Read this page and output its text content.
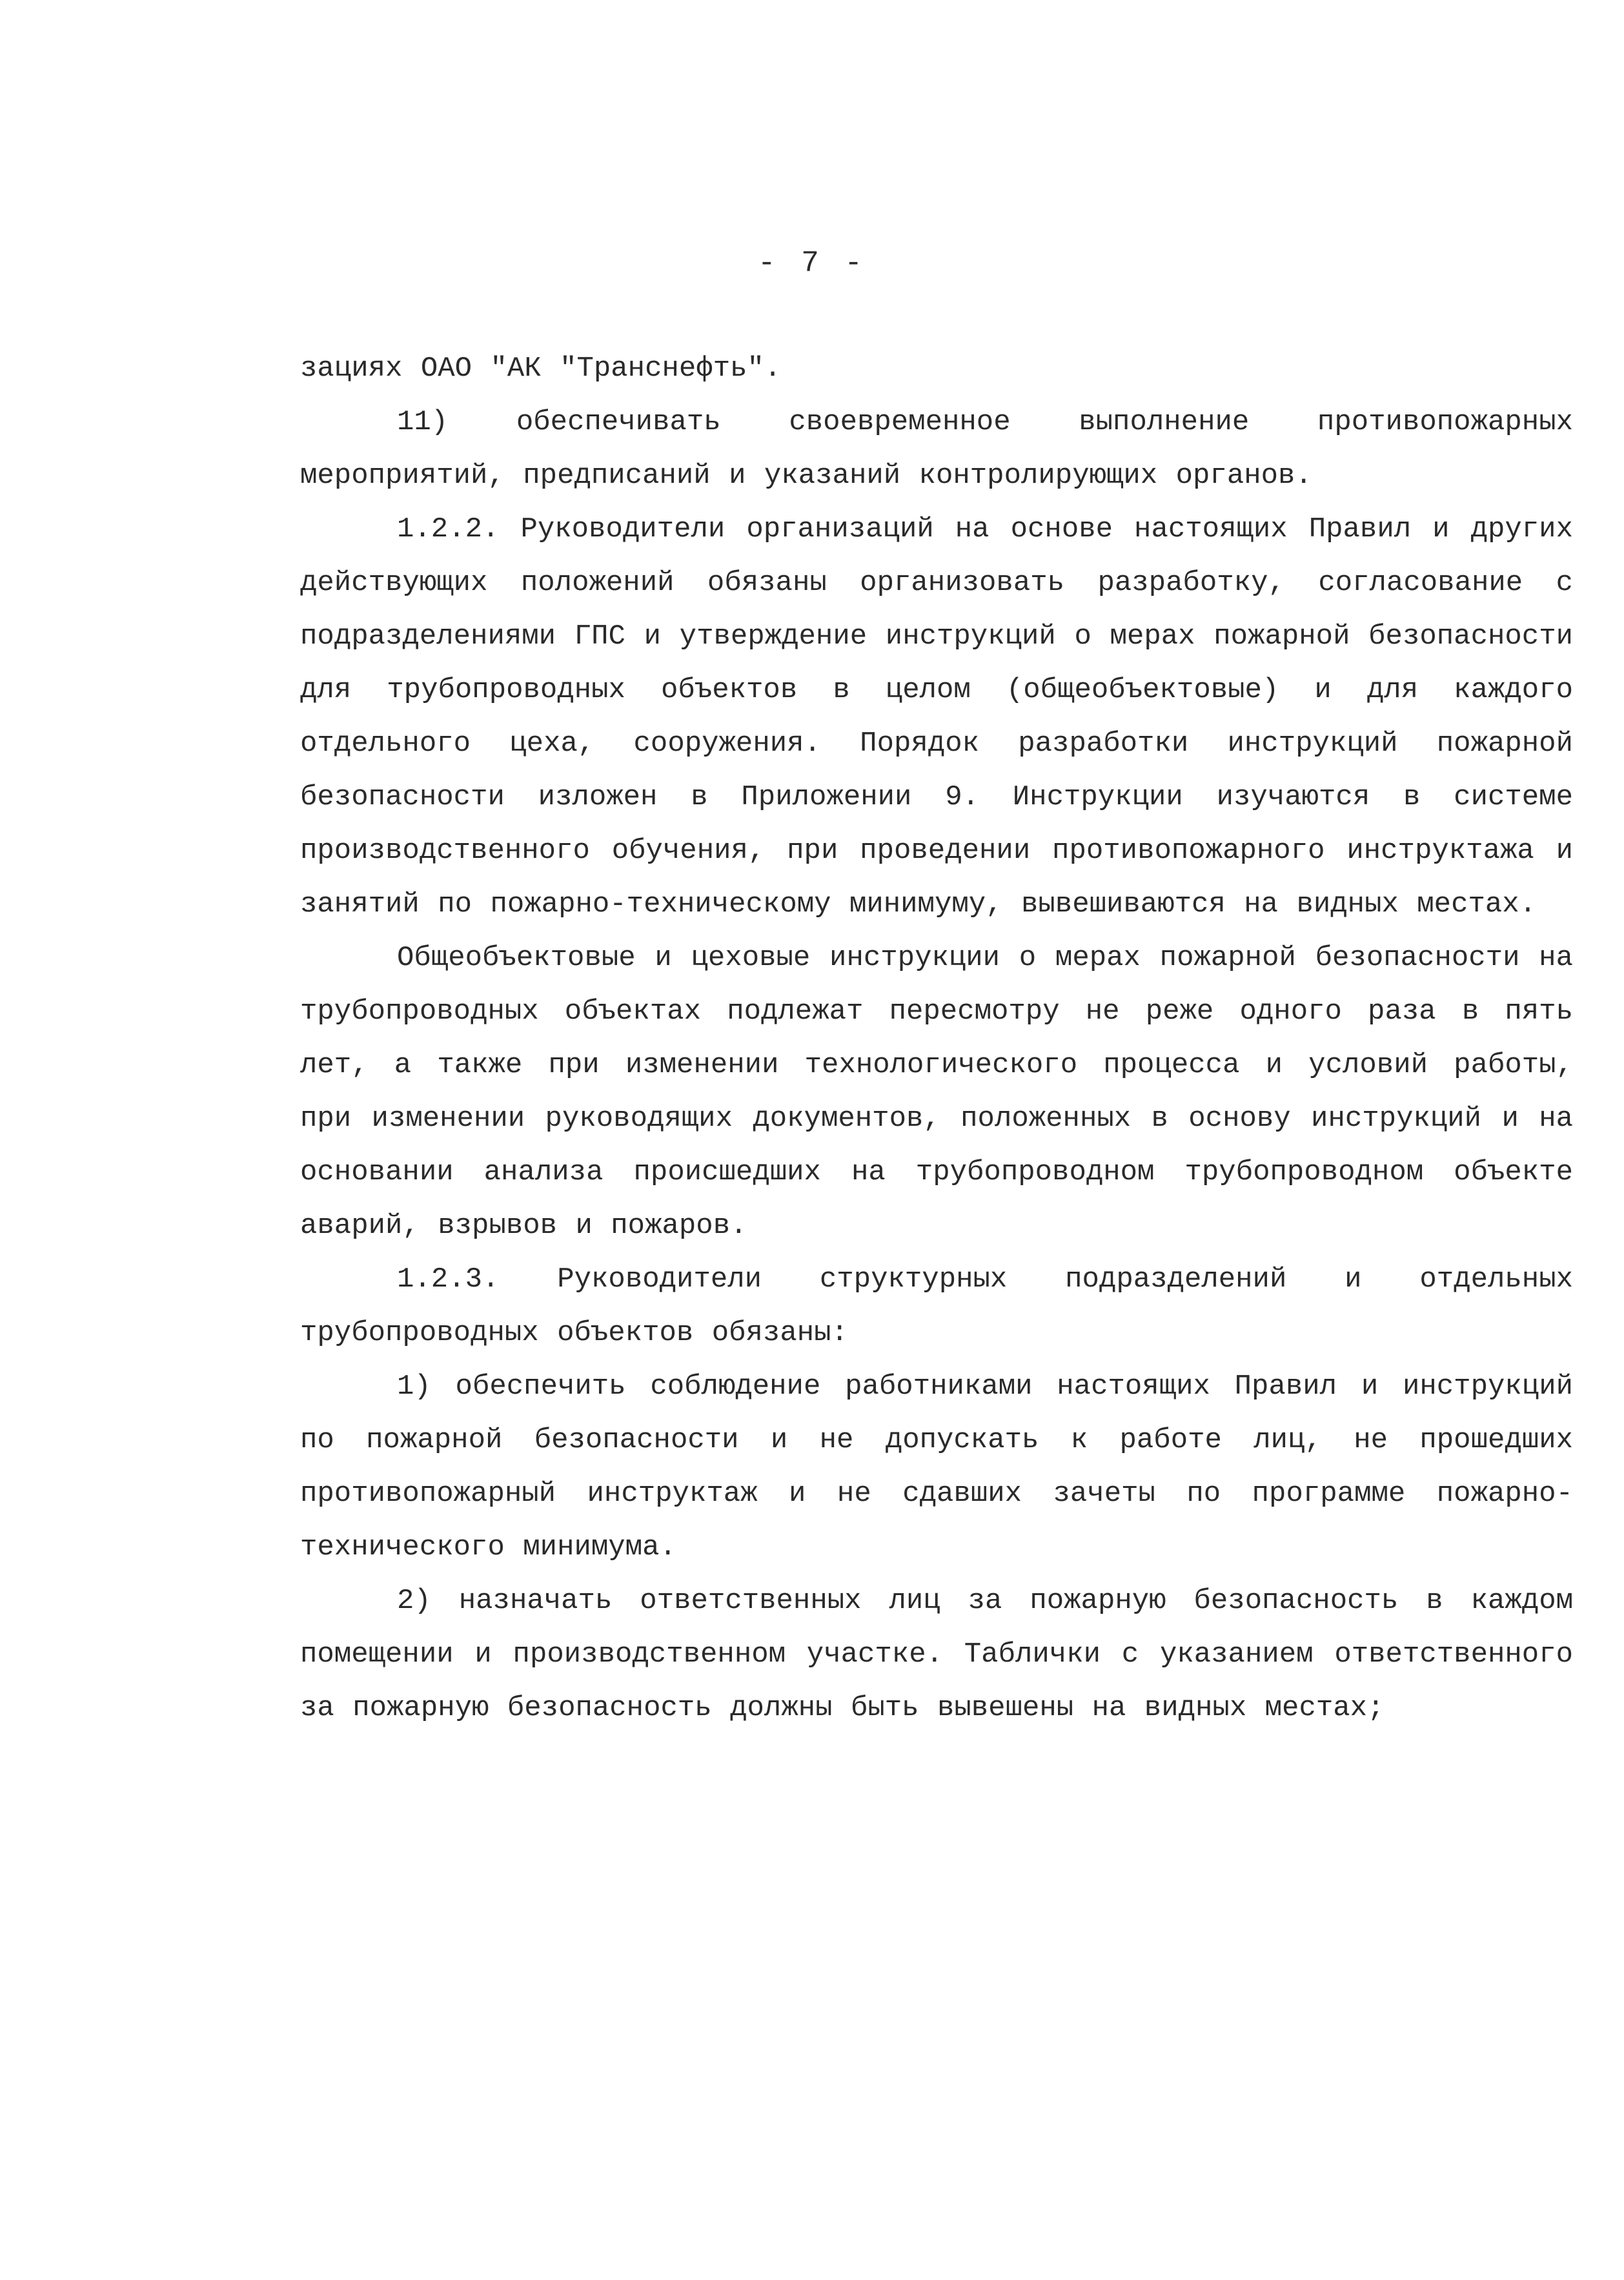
- 7 -

зациях ОАО "АК "Транснефть".

11) обеспечивать своевременное выполнение противопожарных мероприятий, предписаний и указаний контролирующих органов.

1.2.2. Руководители организаций на основе настоящих Правил и других действующих положений обязаны организовать разработку, согласование с подразделениями ГПС и утверждение инструкций о мерах пожарной безопасности для трубопроводных объектов в целом (общеобъектовые) и для каждого отдельного цеха, сооружения. Порядок разработки инструкций пожарной безопасности изложен в Приложении 9. Инструкции изучаются в системе производственного обучения, при проведении противопожарного инструктажа и занятий по пожарно-техническому минимуму, вывешиваются на видных местах.

Общеобъектовые и цеховые инструкции о мерах пожарной безопасности на трубопроводных объектах подлежат пересмотру не реже одного раза в пять лет, а также при изменении технологического процесса и условий работы, при изменении руководящих документов, положенных в основу инструкций и на основании анализа происшедших на трубопроводном трубопроводном объекте аварий, взрывов и пожаров.

1.2.3. Руководители структурных подразделений и отдельных трубопроводных объектов обязаны:

1) обеспечить соблюдение работниками настоящих Правил и инструкций по пожарной безопасности и не допускать к работе лиц, не прошедших противопожарный инструктаж и не сдавших зачеты по программе пожарно-технического минимума.

2) назначать ответственных лиц за пожарную безопасность в каждом помещении и производственном участке. Таблички с указанием ответственного за пожарную безопасность должны быть вывешены на видных местах;
